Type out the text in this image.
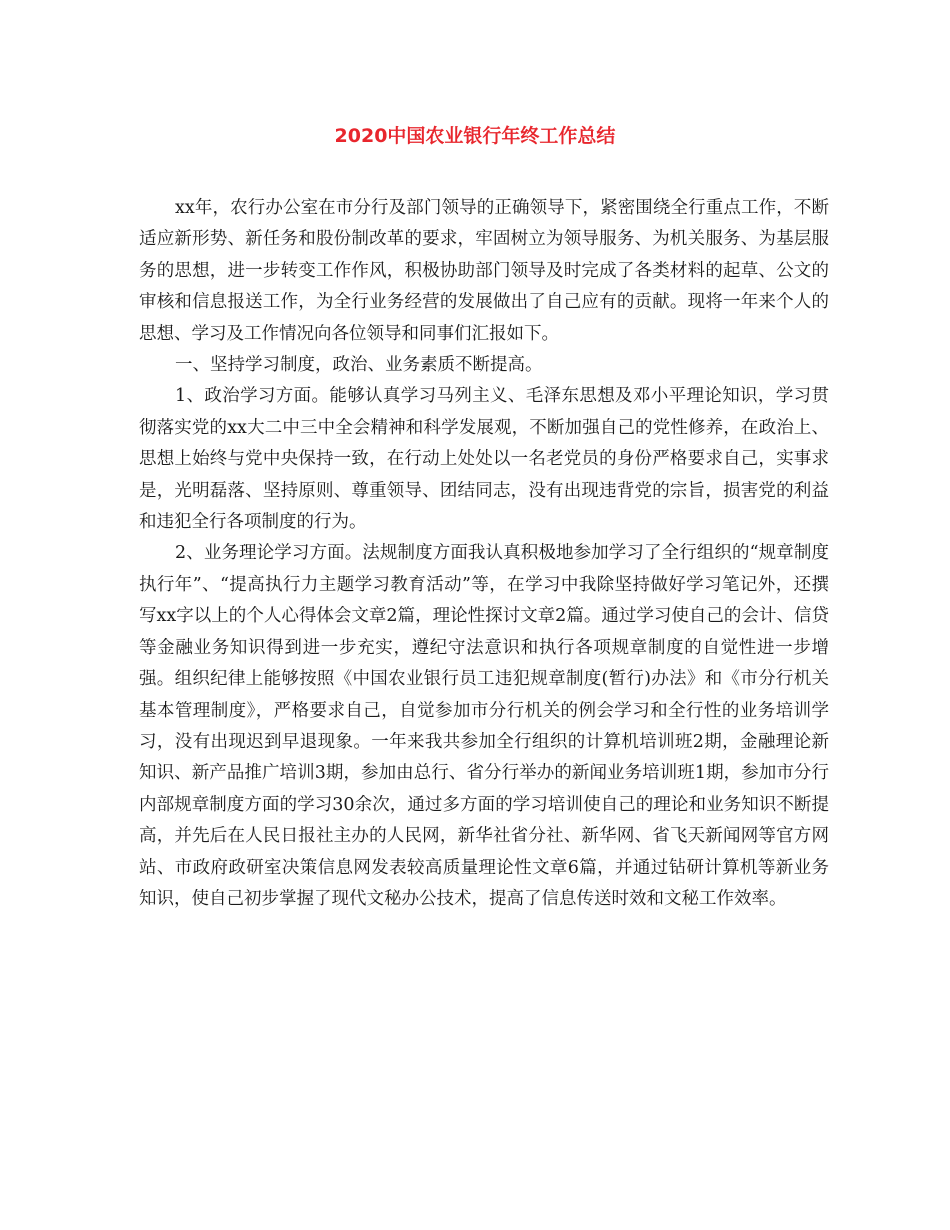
2020中国农业银行年终工作总结

xx年，农行办公室在市分行及部门领导的正确领导下，紧密围绕全行重点工作，不断适应新形势、新任务和股份制改革的要求，牢固树立为领导服务、为机关服务、为基层服务的思想，进一步转变工作作风，积极协助部门领导及时完成了各类材料的起草、公文的审核和信息报送工作，为全行业务经营的发展做出了自己应有的贡献。现将一年来个人的思想、学习及工作情况向各位领导和同事们汇报如下。

一、坚持学习制度，政治、业务素质不断提高。

1、政治学习方面。能够认真学习马列主义、毛泽东思想及邓小平理论知识，学习贯彻落实党的xx大二中三中全会精神和科学发展观，不断加强自己的党性修养，在政治上、思想上始终与党中央保持一致，在行动上处处以一名老党员的身份严格要求自己，实事求是，光明磊落、坚持原则、尊重领导、团结同志，没有出现违背党的宗旨，损害党的利益和违犯全行各项制度的行为。

2、业务理论学习方面。法规制度方面我认真积极地参加学习了全行组织的“规章制度执行年”、“提高执行力主题学习教育活动”等，在学习中我除坚持做好学习笔记外，还撰写xx字以上的个人心得体会文章2篇，理论性探讨文章2篇。通过学习使自己的会计、信贷等金融业务知识得到进一步充实，遵纪守法意识和执行各项规章制度的自觉性进一步增强。组织纪律上能够按照《中国农业银行员工违犯规章制度(暂行)办法》和《市分行机关基本管理制度》，严格要求自己，自觉参加市分行机关的例会学习和全行性的业务培训学习，没有出现迟到早退现象。一年来我共参加全行组织的计算机培训班2期，金融理论新知识、新产品推广培训3期，参加由总行、省分行举办的新闻业务培训班1期，参加市分行内部规章制度方面的学习30余次，通过多方面的学习培训使自己的理论和业务知识不断提高，并先后在人民日报社主办的人民网，新华社省分社、新华网、省飞天新闻网等官方网站、市政府政研室决策信息网发表较高质量理论性文章6篇，并通过钻研计算机等新业务知识，使自己初步掌握了现代文秘办公技术，提高了信息传送时效和文秘工作效率。
